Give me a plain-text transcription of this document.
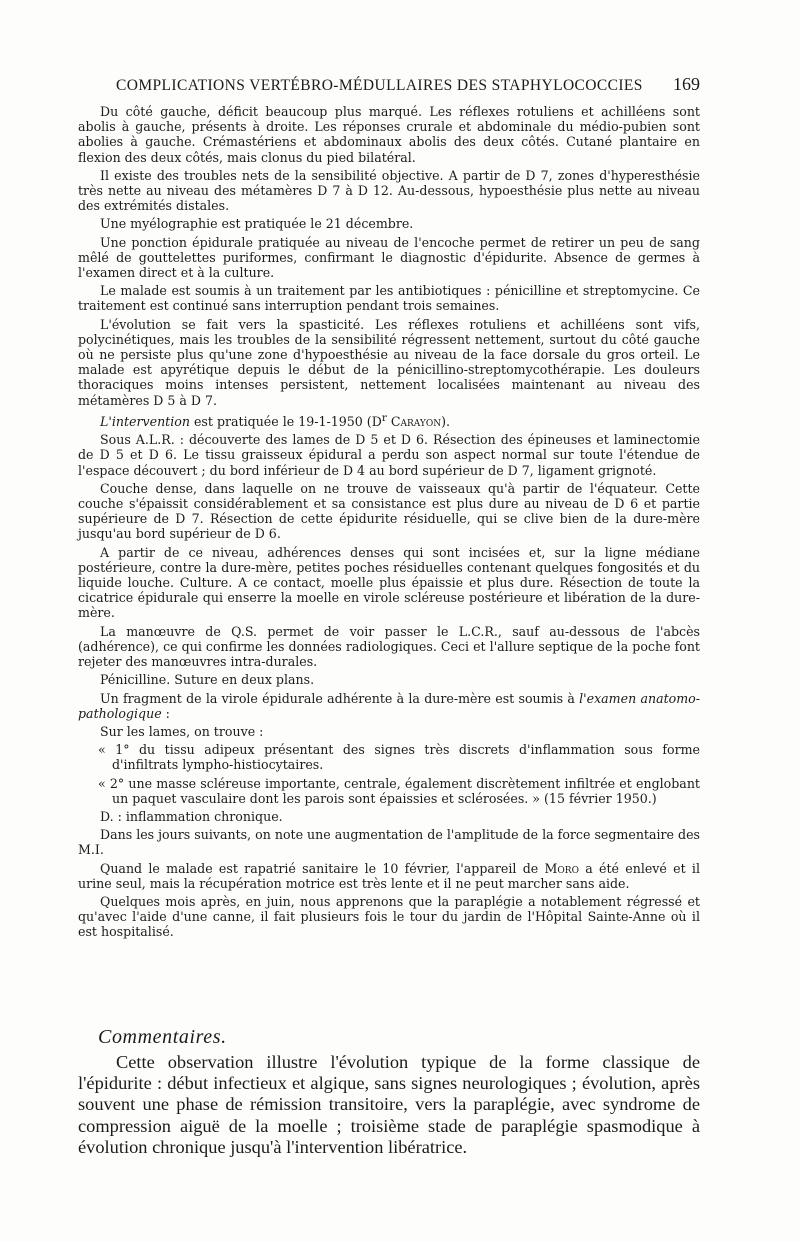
COMPLICATIONS VERTÉBRO-MÉDULLAIRES DES STAPHYLOCOCCIES 169

Du côté gauche, déficit beaucoup plus marqué. Les réflexes rotuliens et achilléens sont abolis à gauche, présents à droite. Les réponses crurale et abdominale du médio-pubien sont abolies à gauche. Crémastériens et abdominaux abolis des deux côtés. Cutané plantaire en flexion des deux côtés, mais clonus du pied bilatéral.

Il existe des troubles nets de la sensibilité objective. A partir de D 7, zones d'hyperesthésie très nette au niveau des métamères D 7 à D 12. Au-dessous, hypoesthésie plus nette au niveau des extrémités distales.

Une myélographie est pratiquée le 21 décembre.

Une ponction épidurale pratiquée au niveau de l'encoche permet de retirer un peu de sang mêlé de gouttelettes puriformes, confirmant le diagnostic d'épidurite. Absence de germes à l'examen direct et à la culture.

Le malade est soumis à un traitement par les antibiotiques : pénicilline et streptomycine. Ce traitement est continué sans interruption pendant trois semaines.

L'évolution se fait vers la spasticité. Les réflexes rotuliens et achilléens sont vifs, polycinétiques, mais les troubles de la sensibilité régressent nettement, surtout du côté gauche où ne persiste plus qu'une zone d'hypoesthésie au niveau de la face dorsale du gros orteil. Le malade est apyrétique depuis le début de la pénicillino-streptomycothérapie. Les douleurs thoraciques moins intenses persistent, nettement localisées maintenant au niveau des métamères D 5 à D 7.

L'intervention est pratiquée le 19-1-1950 ($D^r$ Carayon).

Sous A.L.R. : découverte des lames de D 5 et D 6. Résection des épineuses et laminectomie de D 5 et D 6. Le tissu graisseux épidural a perdu son aspect normal sur toute l'étendue de l'espace découvert ; du bord inférieur de D 4 au bord supérieur de D 7, ligament grignoté.

Couche dense, dans laquelle on ne trouve de vaisseaux qu'à partir de l'équateur. Cette couche s'épaissit considérablement et sa consistance est plus dure au niveau de D 6 et partie supérieure de D 7. Résection de cette épidurite résiduelle, qui se clive bien de la dure-mère jusqu'au bord supérieur de D 6.

A partir de ce niveau, adhérences denses qui sont incisées et, sur la ligne médiane postérieure, contre la dure-mère, petites poches résiduelles contenant quelques fongosités et du liquide louche. Culture. A ce contact, moelle plus épaissie et plus dure. Résection de toute la cicatrice épidurale qui enserre la moelle en virole scléreuse postérieure et libération de la dure-mère.

La manœuvre de Q.S. permet de voir passer le L.C.R., sauf au-dessous de l'abcès (adhérence), ce qui confirme les données radiologiques. Ceci et l'allure septique de la poche font rejeter des manœuvres intra-durales.

Pénicilline. Suture en deux plans.

Un fragment de la virole épidurale adhérente à la dure-mère est soumis à l'examen anatomo-pathologique :

Sur les lames, on trouve :

« 1° du tissu adipeux présentant des signes très discrets d'inflammation sous forme d'infiltrats lympho-histiocytaires.

« 2° une masse scléreuse importante, centrale, également discrètement infiltrée et englobant un paquet vasculaire dont les parois sont épaissies et sclérosées. » (15 février 1950.)

D. : inflammation chronique.

Dans les jours suivants, on note une augmentation de l'amplitude de la force segmentaire des M.I.

Quand le malade est rapatrié sanitaire le 10 février, l'appareil de Moro a été enlevé et il urine seul, mais la récupération motrice est très lente et il ne peut marcher sans aide.

Quelques mois après, en juin, nous apprenons que la paraplégie a notablement régressé et qu'avec l'aide d'une canne, il fait plusieurs fois le tour du jardin de l'Hôpital Sainte-Anne où il est hospitalisé.

Commentaires.

Cette observation illustre l'évolution typique de la forme classique de l'épidurite : début infectieux et algique, sans signes neurologiques ; évolution, après souvent une phase de rémission transitoire, vers la paraplégie, avec syndrome de compression aiguë de la moelle ; troisième stade de paraplégie spasmodique à évolution chronique jusqu'à l'intervention libératrice.
